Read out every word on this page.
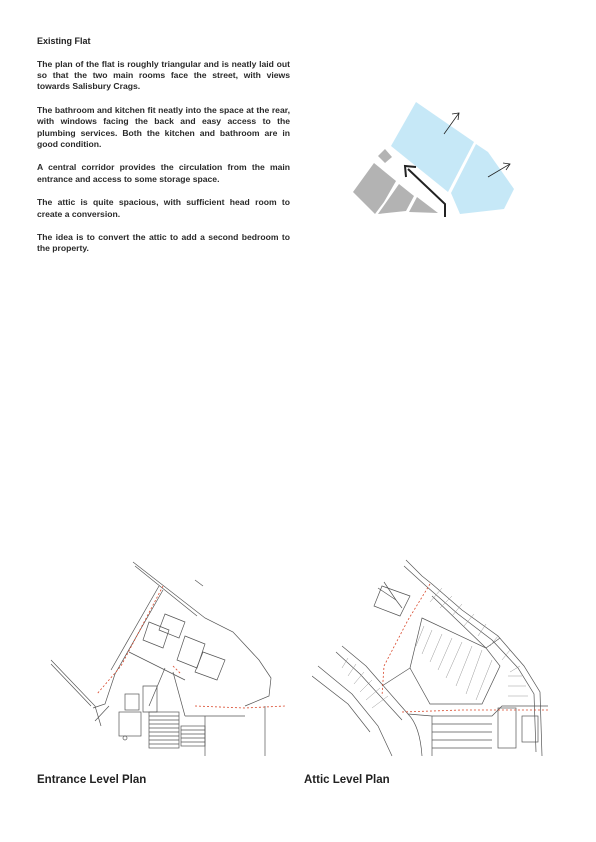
Existing Flat

The plan of the flat is roughly triangular and is neatly laid out so that the two main rooms face the street, with views towards Salisbury Crags.

The bathroom and kitchen fit neatly into the space at the rear, with windows facing the back and easy access to the plumbing services. Both the kitchen and bathroom are in good condition.

A central corridor provides the circulation from the main entrance and access to some storage space.

The attic is quite spacious, with sufficient head room to create a conversion.

The idea is to convert the attic to add a second bedroom to the property.

Entrance Level Plan	Attic Level Plan
